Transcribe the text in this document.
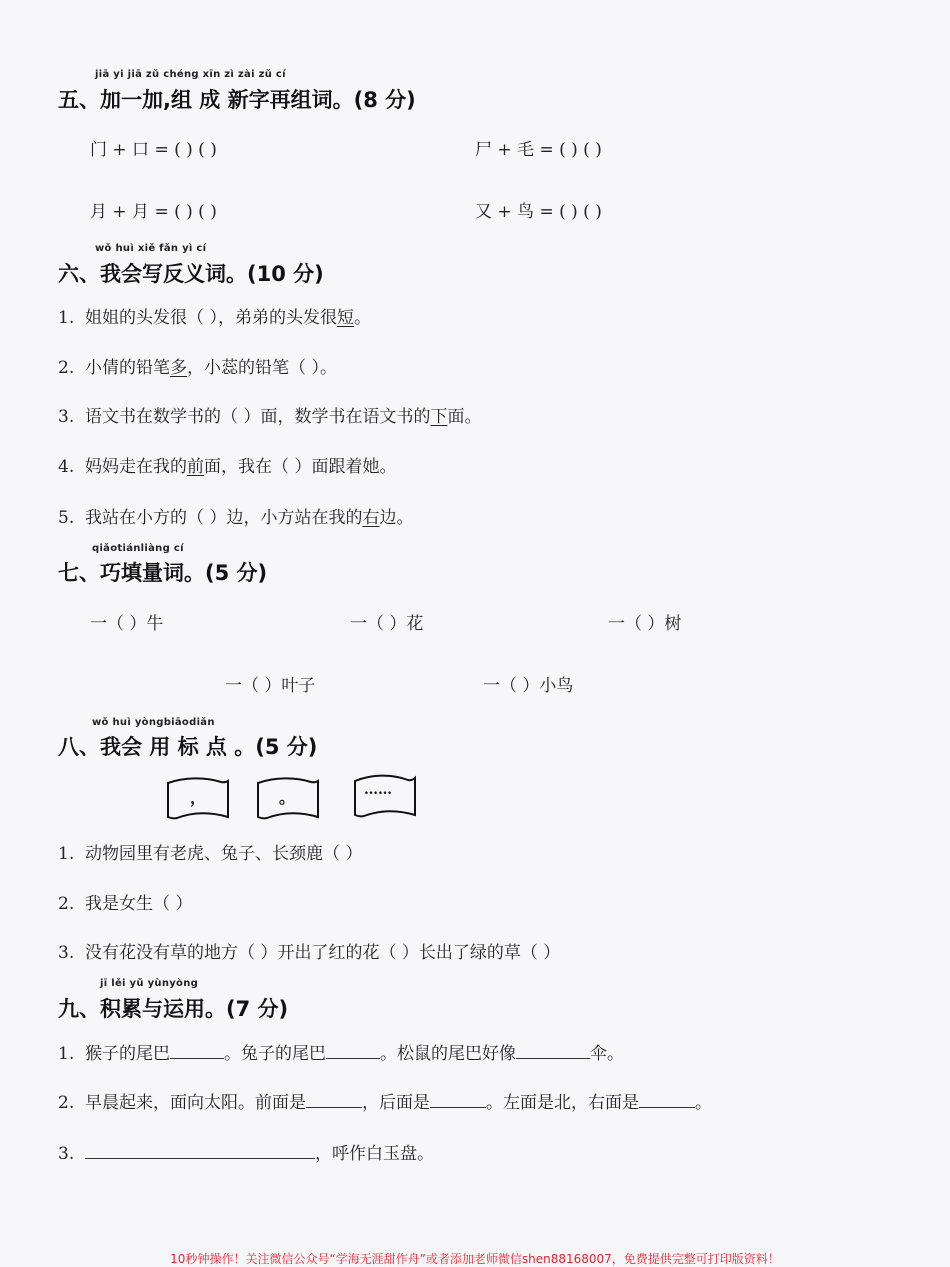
jiā yi jiā zǔ chéng xīn zì zài zǔ cí
五、加一加,组 成 新字再组词。(8 分)
门 + 口 = ( ) ( )	尸 + 毛 = ( ) ( )
月 + 月 = ( ) ( )	又 + 鸟 = ( ) ( )
wǒ huì xiě fǎn yì cí
六、我会写反义词。(10 分)
1. 姐姐的头发很（ ），弟弟的头发很短。
2. 小倩的铅笔多，小蕊的铅笔（ ）。
3. 语文书在数学书的（ ）面，数学书在语文书的下面。
4. 妈妈走在我的前面，我在（ ）面跟着她。
5. 我站在小方的（ ）边，小方站在我的右边。
qiǎotiánliàng cí
七、巧填量词。(5 分)
一（ ）牛	一（ ）花	一（ ）树
一（ ）叶子	一（ ）小鸟
wǒ huì yòngbiāodiǎn
八、我会 用 标 点 。(5 分)
，	。	……
1. 动物园里有老虎、兔子、长颈鹿（ ）
2. 我是女生（ ）
3. 没有花没有草的地方（ ）开出了红的花（ ）长出了绿的草（ ）
jī lěi yǔ yùnyòng
九、积累与运用。(7 分)
1. 猴子的尾巴	。兔子的尾巴	。松鼠的尾巴好像	伞。
2. 早晨起来，面向太阳。前面是	，后面是	。左面是北，右面是	。
3.	，呼作白玉盘。
10秒钟操作！关注微信公众号“学海无涯甜作舟”或者添加老师微信shen88168007，免费提供完整可打印版资料！
